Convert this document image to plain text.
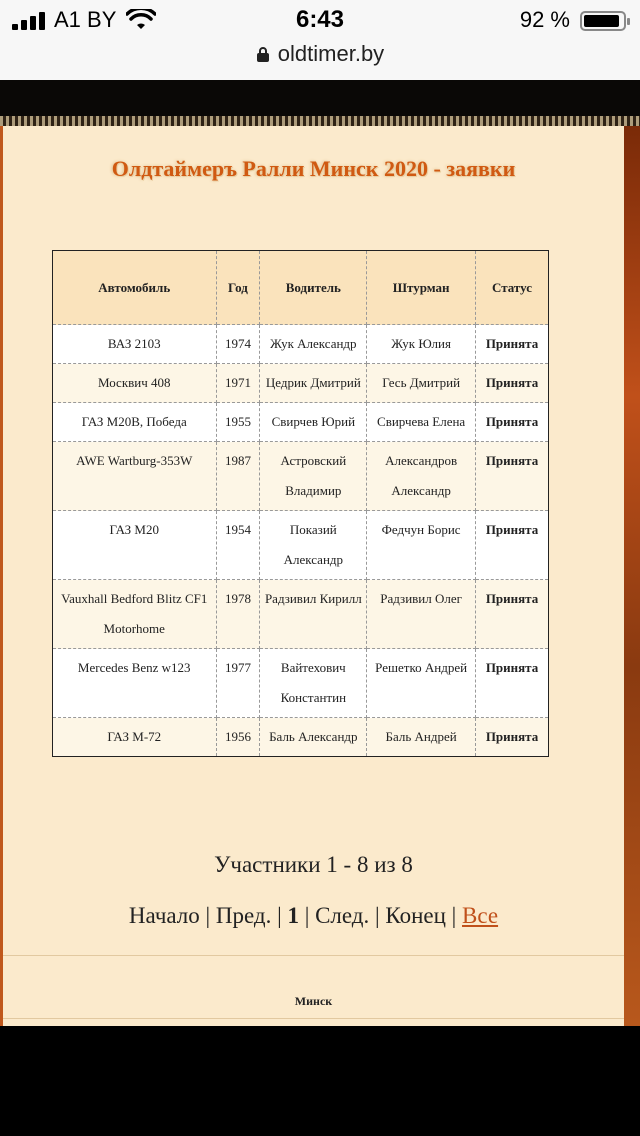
A1 BY	6:43	92 %
oldtimer.by
Олдтаймеръ Ралли Минск 2020 - заявки
Автомобиль	Год	Водитель	Штурман	Статус
ВАЗ 2103	1974	Жук Александр	Жук Юлия	Принята
Москвич 408	1971	Цедрик Дмитрий	Гесь Дмитрий	Принята
ГАЗ М20В, Победа	1955	Свирчев Юрий	Свирчева Елена	Принята
AWE Wartburg-353W	1987	Астровский Владимир	Александров Александр	Принята
ГАЗ М20	1954	Показий Александр	Федчун Борис	Принята
Vauxhall Bedford Blitz CF1 Motorhome	1978	Радзивил Кирилл	Радзивил Олег	Принята
Mercedes Benz w123	1977	Вайтехович Константин	Решетко Андрей	Принята
ГАЗ М-72	1956	Баль Александр	Баль Андрей	Принята
Участники 1 - 8 из 8
Начало | Пред. | 1 | След. | Конец | Все
Минск
